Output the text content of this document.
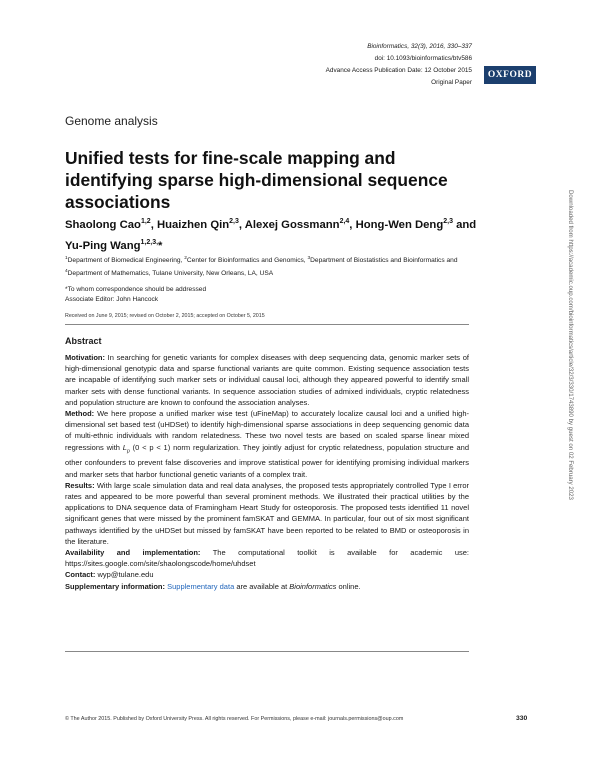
Bioinformatics, 32(3), 2016, 330–337
doi: 10.1093/bioinformatics/btv586
Advance Access Publication Date: 12 October 2015
Original Paper
OXFORD
Genome analysis
Unified tests for fine-scale mapping and identifying sparse high-dimensional sequence associations
Shaolong Cao$^{1,2}$, Huaizhen Qin$^{2,3}$, Alexej Gossmann$^{2,4}$, Hong-Wen Deng$^{2,3}$ and Yu-Ping Wang$^{1,2,3,}$*
$^1$Department of Biomedical Engineering, $^2$Center for Bioinformatics and Genomics, $^3$Department of Biostatistics and Bioinformatics and $^4$Department of Mathematics, Tulane University, New Orleans, LA, USA
*To whom correspondence should be addressed
Associate Editor: John Hancock
Received on June 9, 2015; revised on October 2, 2015; accepted on October 5, 2015
Abstract

Motivation: In searching for genetic variants for complex diseases with deep sequencing data, genomic marker sets of high-dimensional genotypic data and sparse functional variants are quite common. Existing sequence association tests are incapable of identifying such marker sets or individual causal loci, although they appeared powerful to identify small marker sets with dense functional variants. In sequence association studies of admixed individuals, cryptic relatedness and population structure are known to confound the association analyses.

Method: We here propose a unified marker wise test (uFineMap) to accurately localize causal loci and a unified high-dimensional set based test (uHDSet) to identify high-dimensional sparse associations in deep sequencing genomic data of multi-ethnic individuals with random relatedness. These two novel tests are based on scaled sparse linear mixed regressions with $L_p$ (0 < p < 1) norm regularization. They jointly adjust for cryptic relatedness, population structure and other confounders to prevent false discoveries and improve statistical power for identifying promising individual markers and marker sets that harbor functional genetic variants of a complex trait.

Results: With large scale simulation data and real data analyses, the proposed tests appropriately controlled Type I error rates and appeared to be more powerful than several prominent methods. We illustrated their practical utilities by the applications to DNA sequence data of Framingham Heart Study for osteoporosis. The proposed tests identified 11 novel significant genes that were missed by the prominent famSKAT and GEMMA. In particular, four out of six most significant pathways identified by the uHDSet but missed by famSKAT have been reported to be related to BMD or osteoporosis in the literature.

Availability and implementation: The computational toolkit is available for academic use: https://sites.google.com/site/shaolongscode/home/uhdset

Contact: wyp@tulane.edu

Supplementary information: Supplementary data are available at Bioinformatics online.

© The Author 2015. Published by Oxford University Press. All rights reserved. For Permissions, please e-mail: journals.permissions@oup.com	330
Downloaded from https://academic.oup.com/bioinformatics/article/32/3/330/1743890 by guest on 02 February 2023
